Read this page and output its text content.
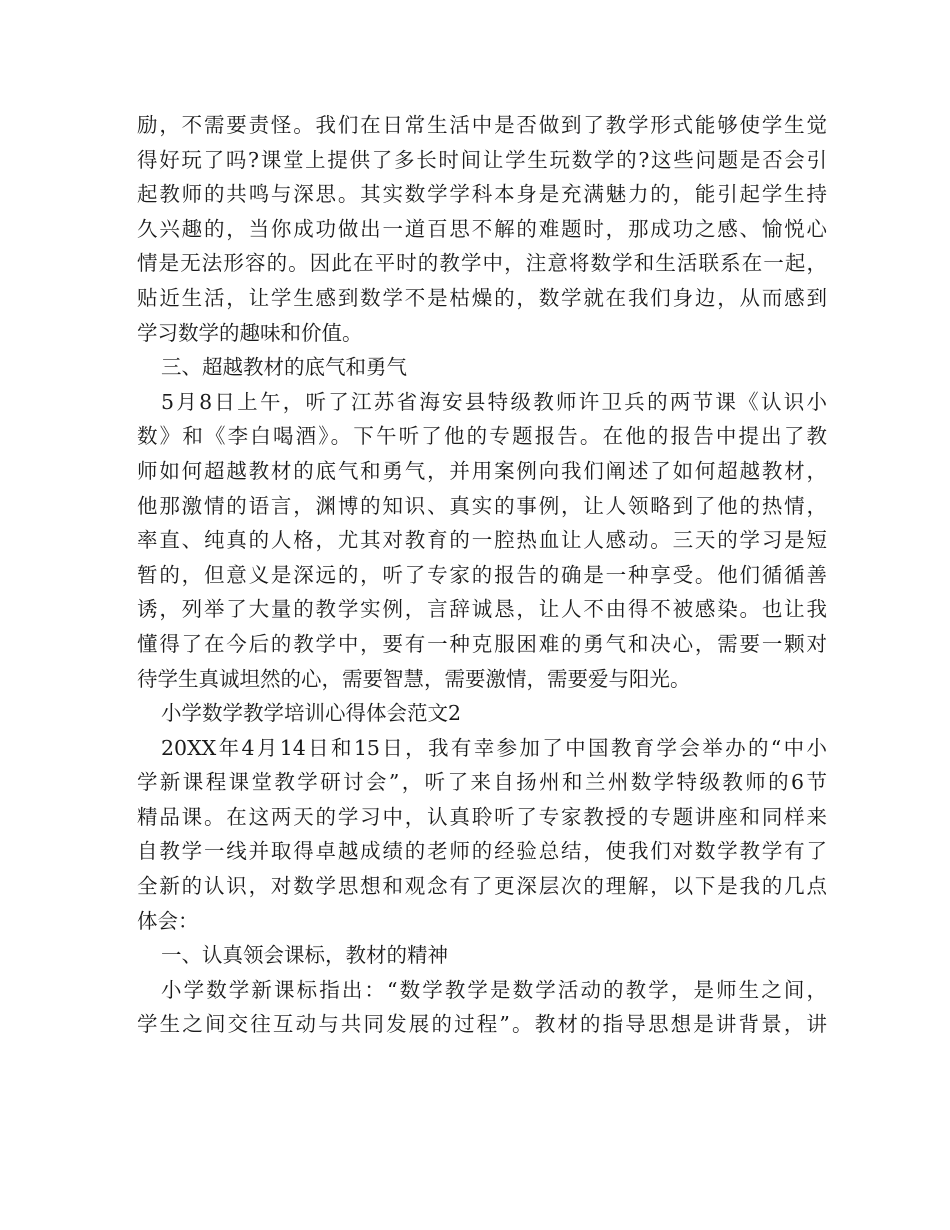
励，不需要责怪。我们在日常生活中是否做到了教学形式能够使学生觉
得好玩了吗?课堂上提供了多长时间让学生玩数学的?这些问题是否会引
起教师的共鸣与深思。其实数学学科本身是充满魅力的，能引起学生持
久兴趣的，当你成功做出一道百思不解的难题时，那成功之感、愉悦心
情是无法形容的。因此在平时的教学中，注意将数学和生活联系在一起，
贴近生活，让学生感到数学不是枯燥的，数学就在我们身边，从而感到
学习数学的趣味和价值。
三、超越教材的底气和勇气
5月8日上午，听了江苏省海安县特级教师许卫兵的两节课《认识小
数》和《李白喝酒》。下午听了他的专题报告。在他的报告中提出了教
师如何超越教材的底气和勇气，并用案例向我们阐述了如何超越教材，
他那激情的语言，渊博的知识、真实的事例，让人领略到了他的热情，
率直、纯真的人格，尤其对教育的一腔热血让人感动。三天的学习是短
暂的，但意义是深远的，听了专家的报告的确是一种享受。他们循循善
诱，列举了大量的教学实例，言辞诚恳，让人不由得不被感染。也让我
懂得了在今后的教学中，要有一种克服困难的勇气和决心，需要一颗对
待学生真诚坦然的心，需要智慧，需要激情，需要爱与阳光。
小学数学教学培训心得体会范文2
20XX年4月14日和15日，我有幸参加了中国教育学会举办的“中小
学新课程课堂教学研讨会”，听了来自扬州和兰州数学特级教师的6节
精品课。在这两天的学习中，认真聆听了专家教授的专题讲座和同样来
自教学一线并取得卓越成绩的老师的经验总结，使我们对数学教学有了
全新的认识，对数学思想和观念有了更深层次的理解，以下是我的几点
体会：
一、认真领会课标，教材的精神
小学数学新课标指出：“数学教学是数学活动的教学，是师生之间，
学生之间交往互动与共同发展的过程”。教材的指导思想是讲背景，讲
